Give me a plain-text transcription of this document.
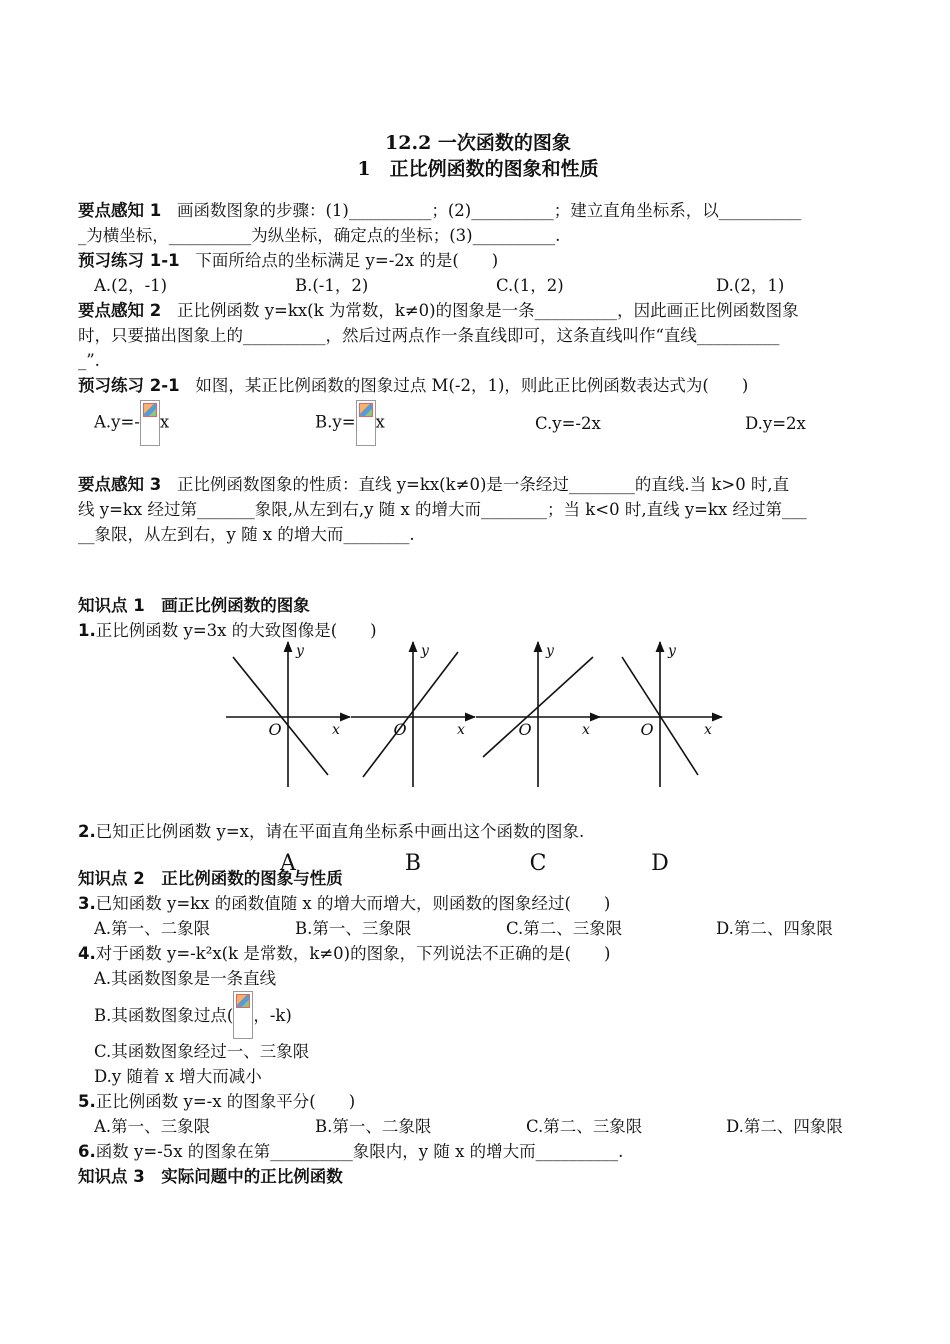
12.2 一次函数的图象
1　正比例函数的图象和性质

要点感知 1 画函数图象的步骤：(1)__________；(2)__________；建立直角坐标系，以__________
_为横坐标，__________为纵坐标，确定点的坐标；(3)__________.

预习练习 1-1 下面所给点的坐标满足 y=-2x 的是(　　)

A.(2，-1)	B.(-1，2)	C.(1，2)	D.(2，1)

要点感知 2 正比例函数 y=kx(k 为常数，k≠0)的图象是一条__________，因此画正比例函数图象
时，只要描出图象上的__________，然后过两点作一条直线即可，这条直线叫作“直线__________
_”.

预习练习 2-1 如图，某正比例函数的图象过点 M(-2，1)，则此正比例函数表达式为(　　)

A.y=- x	B.y= x	C.y=-2x	D.y=2x

要点感知 3 正比例函数图象的性质：直线 y=kx(k≠0)是一条经过________的直线.当 k>0 时,直
线 y=kx 经过第_______象限,从左到右,y 随 x 的增大而________；当 k<0 时,直线 y=kx 经过第___
__象限，从左到右，y 随 x 的增大而________.

知识点 1　画正比例函数的图象

1.正比例函数 y=3x 的大致图像是(　　)

x
y
O
A
x
y
O
B
x
y
O
C
x
y
O
D

2.已知正比例函数 y=x，请在平面直角坐标系中画出这个函数的图象.

知识点 2　正比例函数的图象与性质

3.已知函数 y=kx 的函数值随 x 的增大而增大，则函数的图象经过(　　)

A.第一、二象限	B.第一、三象限	C.第二、三象限	D.第二、四象限

4.对于函数 y=-k²x(k 是常数，k≠0)的图象，下列说法不正确的是(　　)

A.其函数图象是一条直线
B.其函数图象过点( ，-k)
C.其函数图象经过一、三象限
D.y 随着 x 增大而减小

5.正比例函数 y=-x 的图象平分(　　)

A.第一、三象限	B.第一、二象限	C.第二、三象限	D.第二、四象限

6.函数 y=-5x 的图象在第__________象限内，y 随 x 的增大而__________.

知识点 3　实际问题中的正比例函数
